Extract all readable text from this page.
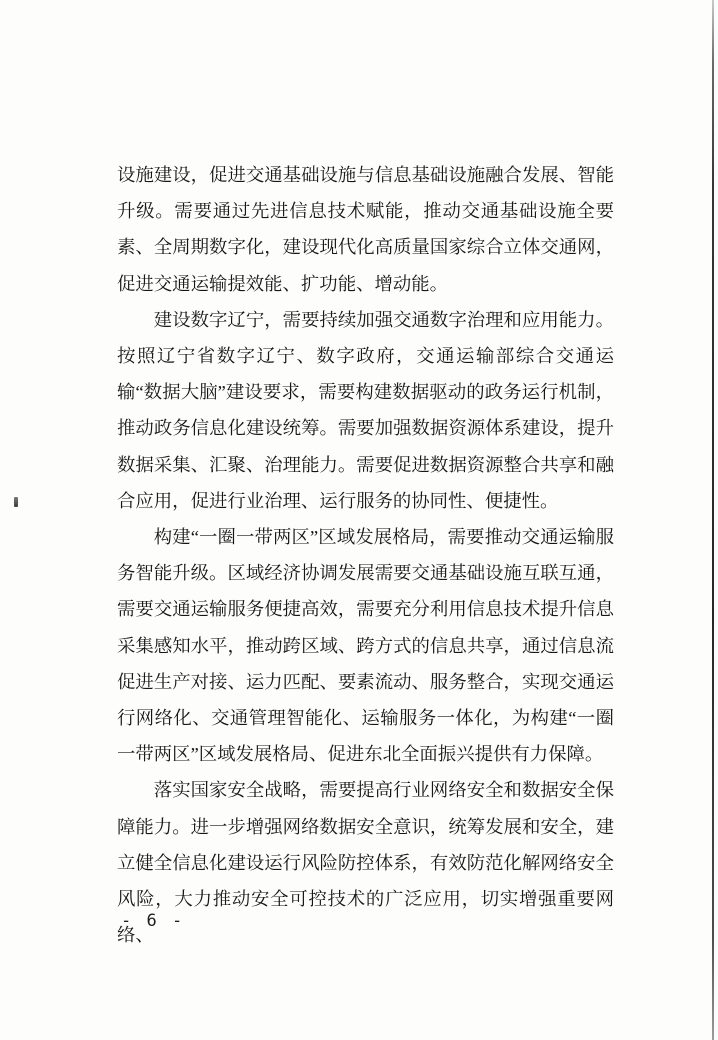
设施建设，促进交通基础设施与信息基础设施融合发展、智能升级。需要通过先进信息技术赋能，推动交通基础设施全要素、全周期数字化，建设现代化高质量国家综合立体交通网，促进交通运输提效能、扩功能、增动能。

建设数字辽宁，需要持续加强交通数字治理和应用能力。按照辽宁省数字辽宁、数字政府，交通运输部综合交通运输“数据大脑”建设要求，需要构建数据驱动的政务运行机制，推动政务信息化建设统筹。需要加强数据资源体系建设，提升数据采集、汇聚、治理能力。需要促进数据资源整合共享和融合应用，促进行业治理、运行服务的协同性、便捷性。

构建“一圈一带两区”区域发展格局，需要推动交通运输服务智能升级。区域经济协调发展需要交通基础设施互联互通，需要交通运输服务便捷高效，需要充分利用信息技术提升信息采集感知水平，推动跨区域、跨方式的信息共享，通过信息流促进生产对接、运力匹配、要素流动、服务整合，实现交通运行网络化、交通管理智能化、运输服务一体化，为构建“一圈一带两区”区域发展格局、促进东北全面振兴提供有力保障。

落实国家安全战略，需要提高行业网络安全和数据安全保障能力。进一步增强网络数据安全意识，统筹发展和安全，建立健全信息化建设运行风险防控体系，有效防范化解网络安全风险，大力推动安全可控技术的广泛应用，切实增强重要网络、

- 6 -
